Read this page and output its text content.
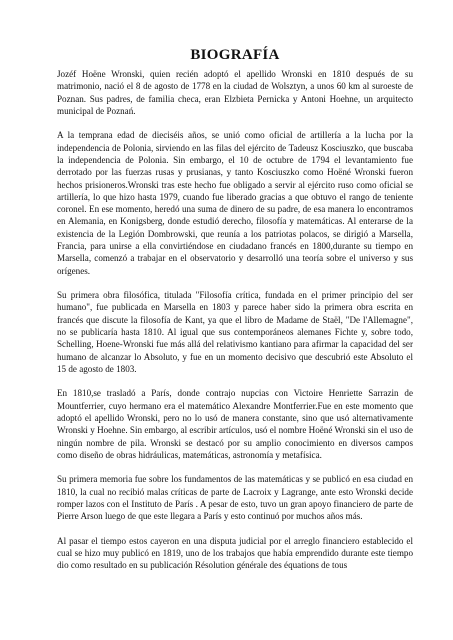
BIOGRAFÍA

Jozéf Hoëne Wronski, quien recién adoptó el apellido Wronski en 1810 después de su matrimonio, nació el 8 de agosto de 1778 en la ciudad de Wolsztyn, a unos 60 km al suroeste de Poznan. Sus padres, de familia checa, eran Elzbieta Pernicka y Antoni Hoehne, un arquitecto municipal de Poznań.

A la temprana edad de dieciséis años, se unió como oficial de artillería a la lucha por la independencia de Polonia, sirviendo en las filas del ejército de Tadeusz Kosciuszko, que buscaba la independencia de Polonia. Sin embargo, el 10 de octubre de 1794 el levantamiento fue derrotado por las fuerzas rusas y prusianas, y tanto Kosciuszko como Hoëné Wronski fueron hechos prisioneros.Wronski tras este hecho fue obligado a servir al ejército ruso como oficial se artillería, lo que hizo hasta 1979, cuando fue liberado gracias a que obtuvo el rango de teniente coronel. En ese momento, heredó una suma de dinero de su padre, de esa manera lo encontramos en Alemania, en Konigsberg, donde estudió derecho, filosofía y matemáticas. Al enterarse de la existencia de la Legión Dombrowski, que reunía a los patriotas polacos, se dirigió a Marsella, Francia, para unirse a ella convirtiéndose en ciudadano francés en 1800,durante su tiempo en Marsella, comenzó a trabajar en el observatorio y desarrolló una teoría sobre el universo y sus orígenes.

Su primera obra filosófica, titulada "Filosofía crítica, fundada en el primer principio del ser humano", fue publicada en Marsella en 1803 y parece haber sido la primera obra escrita en francés que discute la filosofía de Kant, ya que el libro de Madame de Staël, "De l'Allemagne", no se publicaría hasta 1810. Al igual que sus contemporáneos alemanes Fichte y, sobre todo, Schelling, Hoene-Wronski fue más allá del relativismo kantiano para afirmar la capacidad del ser humano de alcanzar lo Absoluto, y fue en un momento decisivo que descubrió este Absoluto el 15 de agosto de 1803.

En 1810,se trasladó a París, donde contrajo nupcias con Victoire Henriette Sarrazin de Mountferrier, cuyo hermano era el matemático Alexandre Montferrier.Fue en este momento que adoptó el apellido Wronski, pero no lo usó de manera constante, sino que usó alternativamente Wronski y Hoehne. Sin embargo, al escribir artículos, usó el nombre Hoëné Wronski sin el uso de ningún nombre de pila. Wronski se destacó por su amplio conocimiento en diversos campos como diseño de obras hidráulicas, matemáticas, astronomía y metafísica.

Su primera memoria fue sobre los fundamentos de las matemáticas y se publicó en esa ciudad en 1810, la cual no recibió malas críticas de parte de Lacroix y Lagrange, ante esto Wronski decide romper lazos con el Instituto de París . A pesar de esto, tuvo un gran apoyo financiero de parte de Pierre Arson luego de que este llegara a París y esto continuó por muchos años más.

Al pasar el tiempo estos cayeron en una disputa judicial por el arreglo financiero establecido el cual se hizo muy publicó en 1819, uno de los trabajos que había emprendido durante este tiempo dio como resultado en su publicación Résolution générale des équations de tous
